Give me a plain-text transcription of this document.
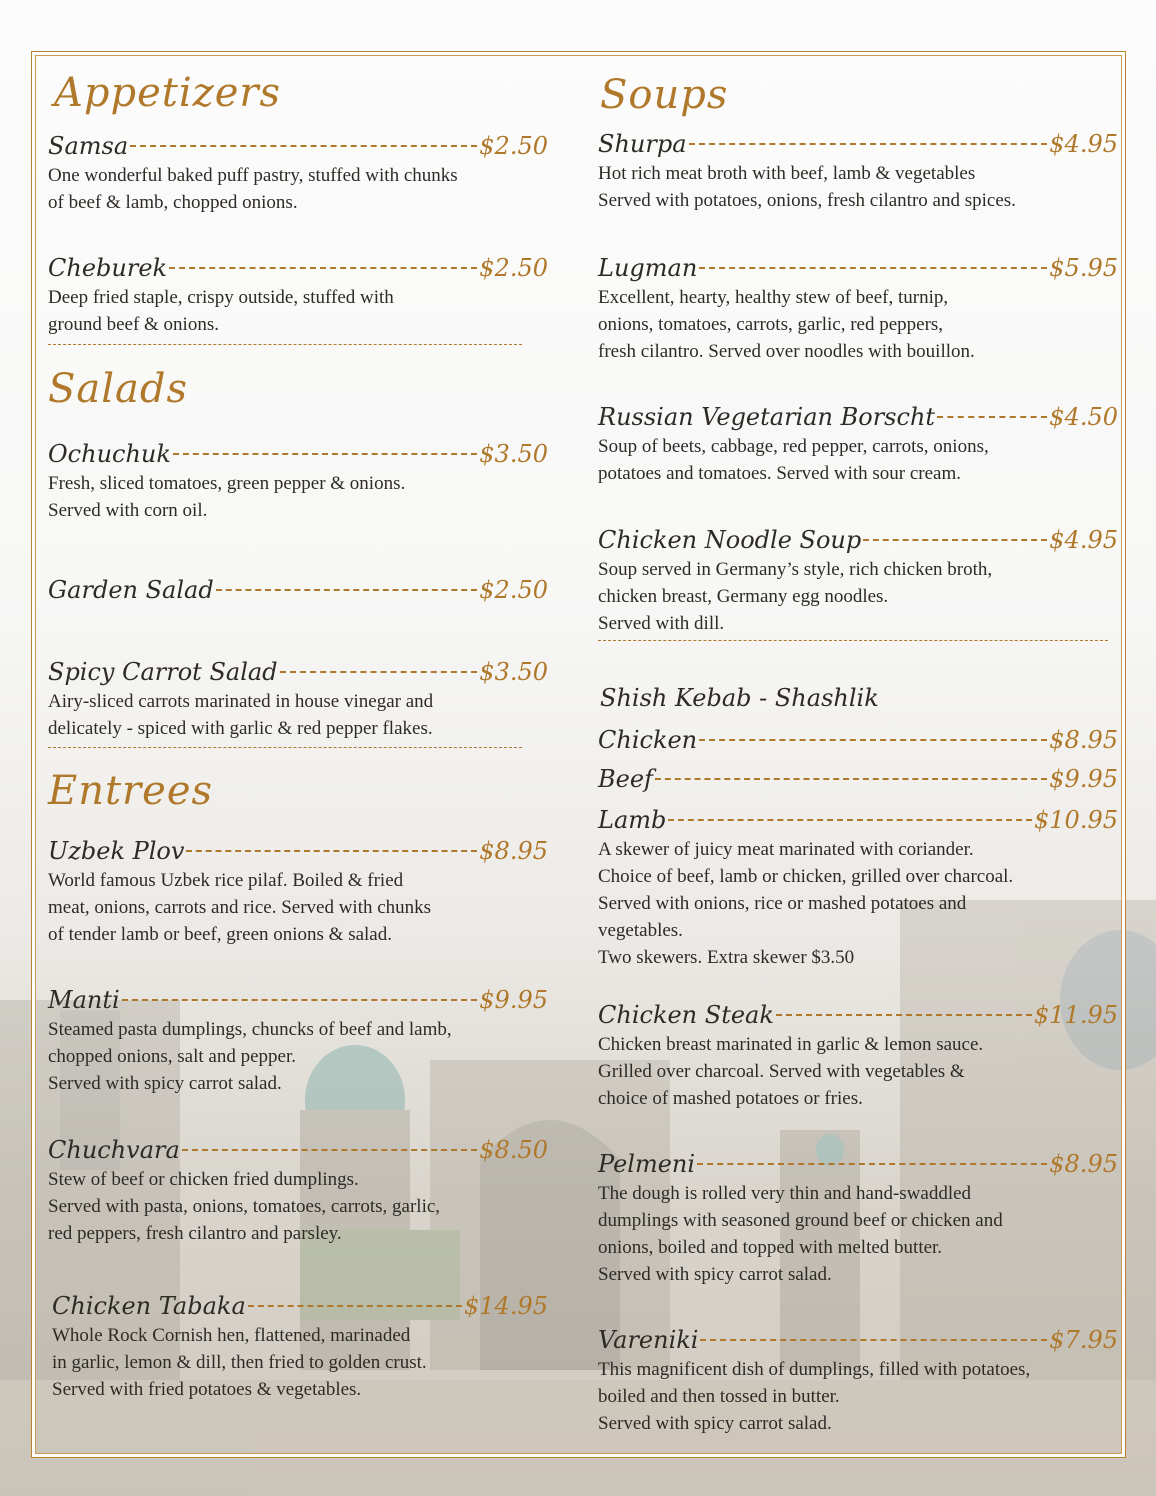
Appetizers
Samsa	$2.50
One wonderful baked puff pastry, stuffed with chunks
of beef & lamb, chopped onions.
Cheburek	$2.50
Deep fried staple, crispy outside, stuffed with
ground beef & onions.
Salads
Ochuchuk	$3.50
Fresh, sliced tomatoes, green pepper & onions.
Served with corn oil.
Garden Salad	$2.50
Spicy Carrot Salad	$3.50
Airy-sliced carrots marinated in house vinegar and
delicately - spiced with garlic & red pepper flakes.
Entrees
Uzbek Plov	$8.95
World famous Uzbek rice pilaf. Boiled & fried
meat, onions, carrots and rice. Served with chunks
of tender lamb or beef, green onions & salad.
Manti	$9.95
Steamed pasta dumplings, chuncks of beef and lamb,
chopped onions, salt and pepper.
Served with spicy carrot salad.
Chuchvara	$8.50
Stew of beef or chicken fried dumplings.
Served with pasta, onions, tomatoes, carrots, garlic,
red peppers, fresh cilantro and parsley.
Chicken Tabaka	$14.95
Whole Rock Cornish hen, flattened, marinaded
in garlic, lemon & dill, then fried to golden crust.
Served with fried potatoes & vegetables.
Soups
Shurpa	$4.95
Hot rich meat broth with beef, lamb & vegetables
Served with potatoes, onions, fresh cilantro and spices.
Lugman	$5.95
Excellent, hearty, healthy stew of beef, turnip,
onions, tomatoes, carrots, garlic, red peppers,
fresh cilantro. Served over noodles with bouillon.
Russian Vegetarian Borscht	$4.50
Soup of beets, cabbage, red pepper, carrots, onions,
potatoes and tomatoes. Served with sour cream.
Chicken Noodle Soup	$4.95
Soup served in Germany’s style, rich chicken broth,
chicken breast, Germany egg noodles.
Served with dill.
Shish Kebab - Shashlik
Chicken	$8.95
Beef	$9.95
Lamb	$10.95
A skewer of juicy meat marinated with coriander.
Choice of beef, lamb or chicken, grilled over charcoal.
Served with onions, rice or mashed potatoes and
vegetables.
Two skewers. Extra skewer $3.50
Chicken Steak	$11.95
Chicken breast marinated in garlic & lemon sauce.
Grilled over charcoal. Served with vegetables &
choice of mashed potatoes or fries.
Pelmeni	$8.95
The dough is rolled very thin and hand-swaddled
dumplings with seasoned ground beef or chicken and
onions, boiled and topped with melted butter.
Served with spicy carrot salad.
Vareniki	$7.95
This magnificent dish of dumplings, filled with potatoes,
boiled and then tossed in butter.
Served with spicy carrot salad.
